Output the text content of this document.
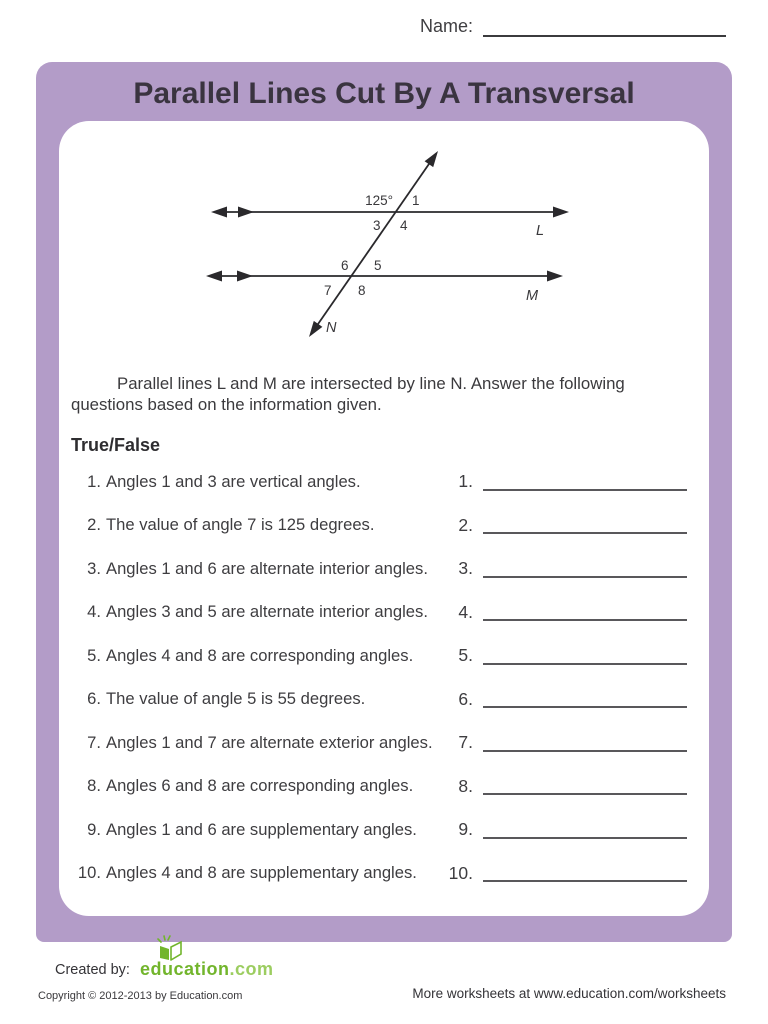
Name:
Parallel Lines Cut By A Transversal
125° 1
3 4
6 5
7 8
L
M
N
Parallel lines L and M are intersected by line N. Answer the following questions based on the information given.
True/False
1. Angles 1 and 3 are vertical angles.	1.
2. The value of angle 7 is 125 degrees.	2.
3. Angles 1 and 6 are alternate interior angles.	3.
4. Angles 3 and 5 are alternate interior angles.	4.
5. Angles 4 and 8 are corresponding angles.	5.
6. The value of angle 5 is 55 degrees.	6.
7. Angles 1 and 7 are alternate exterior angles.	7.
8. Angles 6 and 8 are corresponding angles.	8.
9. Angles 1 and 6 are supplementary angles.	9.
10. Angles 4 and 8 are supplementary angles.	10.
Created by: education.com
Copyright © 2012-2013 by Education.com	More worksheets at www.education.com/worksheets
